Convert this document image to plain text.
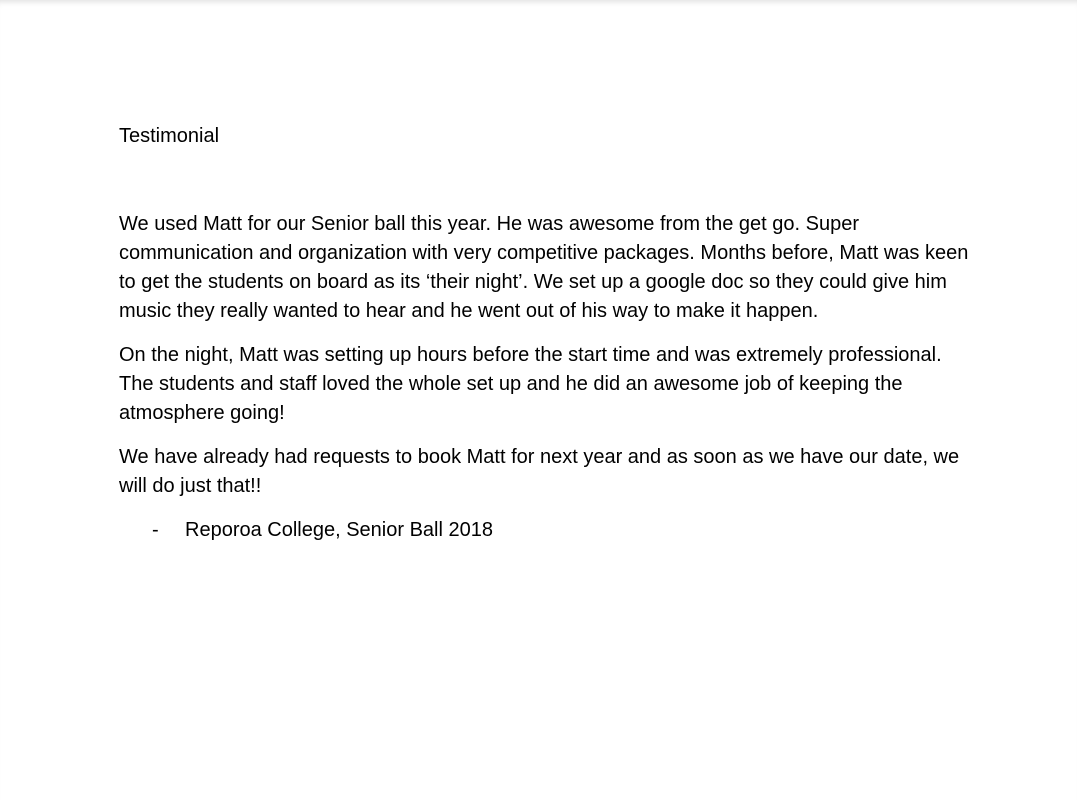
Testimonial

We used Matt for our Senior ball this year. He was awesome from the get go. Super communication and organization with very competitive packages. Months before, Matt was keen to get the students on board as its ‘their night’. We set up a google doc so they could give him music they really wanted to hear and he went out of his way to make it happen.

On the night, Matt was setting up hours before the start time and was extremely professional. The students and staff loved the whole set up and he did an awesome job of keeping the atmosphere going!

We have already had requests to book Matt for next year and as soon as we have our date, we will do just that!!

-	Reporoa College, Senior Ball 2018
